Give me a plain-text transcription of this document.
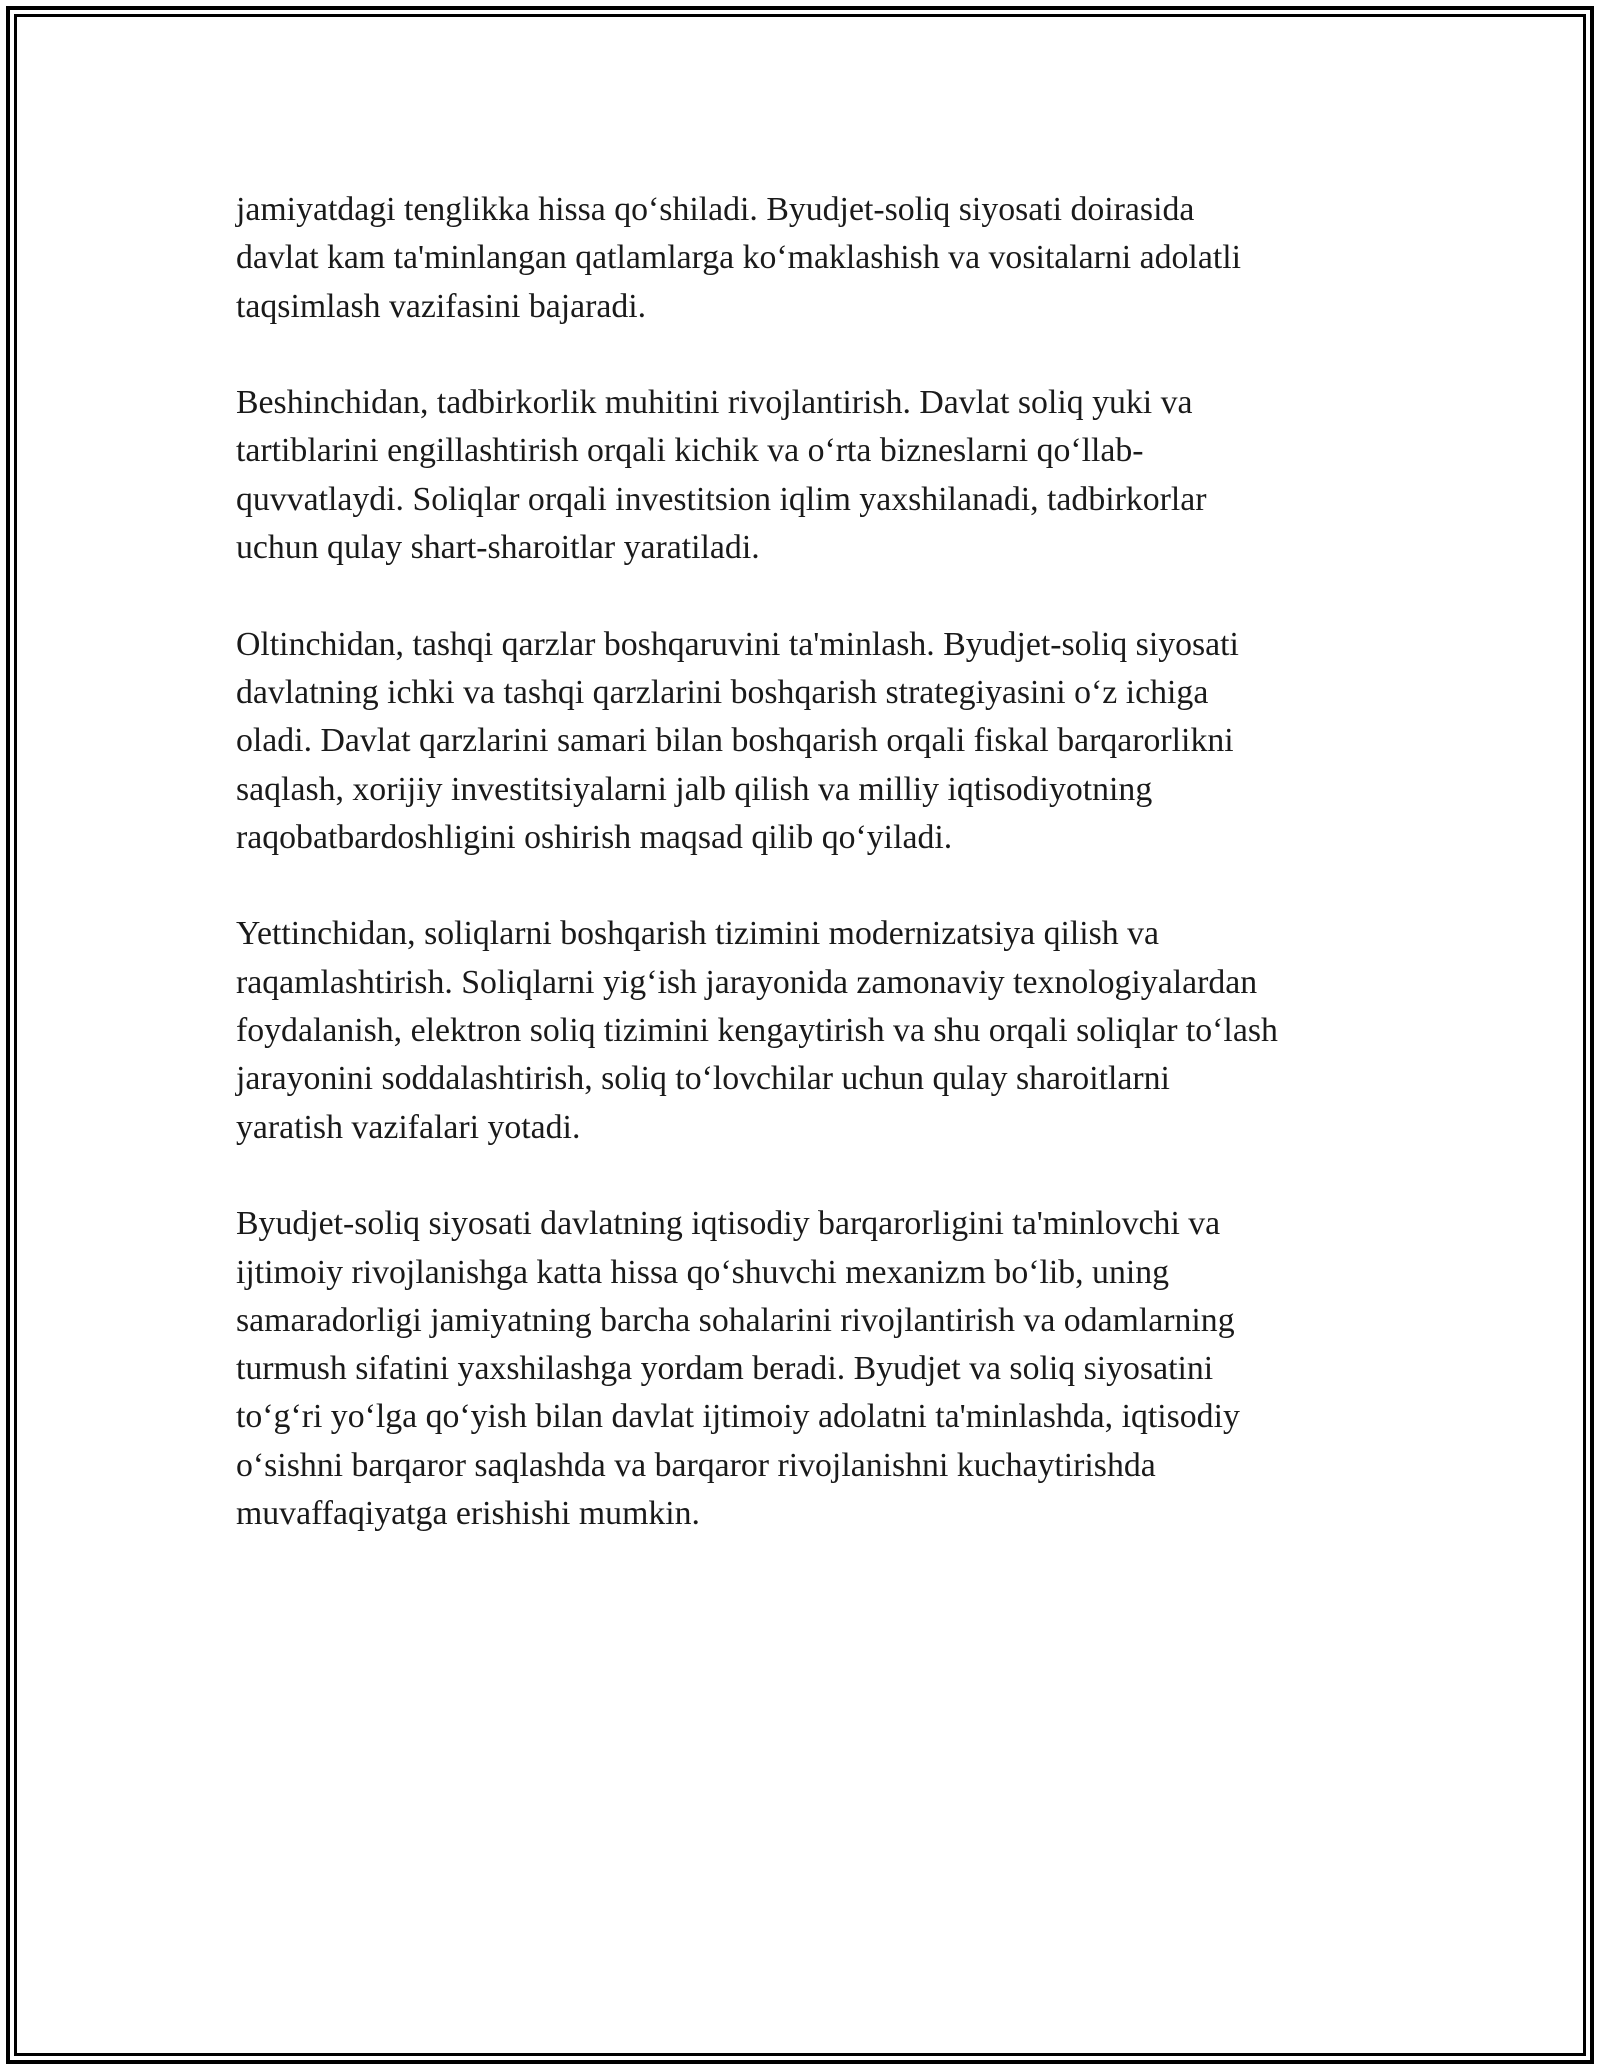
jamiyatdagi tenglikka hissa qo‘shiladi. Byudjet-soliq siyosati doirasida
davlat kam ta'minlangan qatlamlarga ko‘maklashish va vositalarni adolatli
taqsimlash vazifasini bajaradi.

Beshinchidan, tadbirkorlik muhitini rivojlantirish. Davlat soliq yuki va
tartiblarini engillashtirish orqali kichik va o‘rta bizneslarni qo‘llab-
quvvatlaydi. Soliqlar orqali investitsion iqlim yaxshilanadi, tadbirkorlar
uchun qulay shart-sharoitlar yaratiladi.

Oltinchidan, tashqi qarzlar boshqaruvini ta'minlash. Byudjet-soliq siyosati
davlatning ichki va tashqi qarzlarini boshqarish strategiyasini o‘z ichiga
oladi. Davlat qarzlarini samari bilan boshqarish orqali fiskal barqarorlikni
saqlash, xorijiy investitsiyalarni jalb qilish va milliy iqtisodiyotning
raqobatbardoshligini oshirish maqsad qilib qo‘yiladi.

Yettinchidan, soliqlarni boshqarish tizimini modernizatsiya qilish va
raqamlashtirish. Soliqlarni yig‘ish jarayonida zamonaviy texnologiyalardan
foydalanish, elektron soliq tizimini kengaytirish va shu orqali soliqlar to‘lash
jarayonini soddalashtirish, soliq to‘lovchilar uchun qulay sharoitlarni
yaratish vazifalari yotadi.

Byudjet-soliq siyosati davlatning iqtisodiy barqarorligini ta'minlovchi va
ijtimoiy rivojlanishga katta hissa qo‘shuvchi mexanizm bo‘lib, uning
samaradorligi jamiyatning barcha sohalarini rivojlantirish va odamlarning
turmush sifatini yaxshilashga yordam beradi. Byudjet va soliq siyosatini
to‘g‘ri yo‘lga qo‘yish bilan davlat ijtimoiy adolatni ta'minlashda, iqtisodiy
o‘sishni barqaror saqlashda va barqaror rivojlanishni kuchaytirishda
muvaffaqiyatga erishishi mumkin.
